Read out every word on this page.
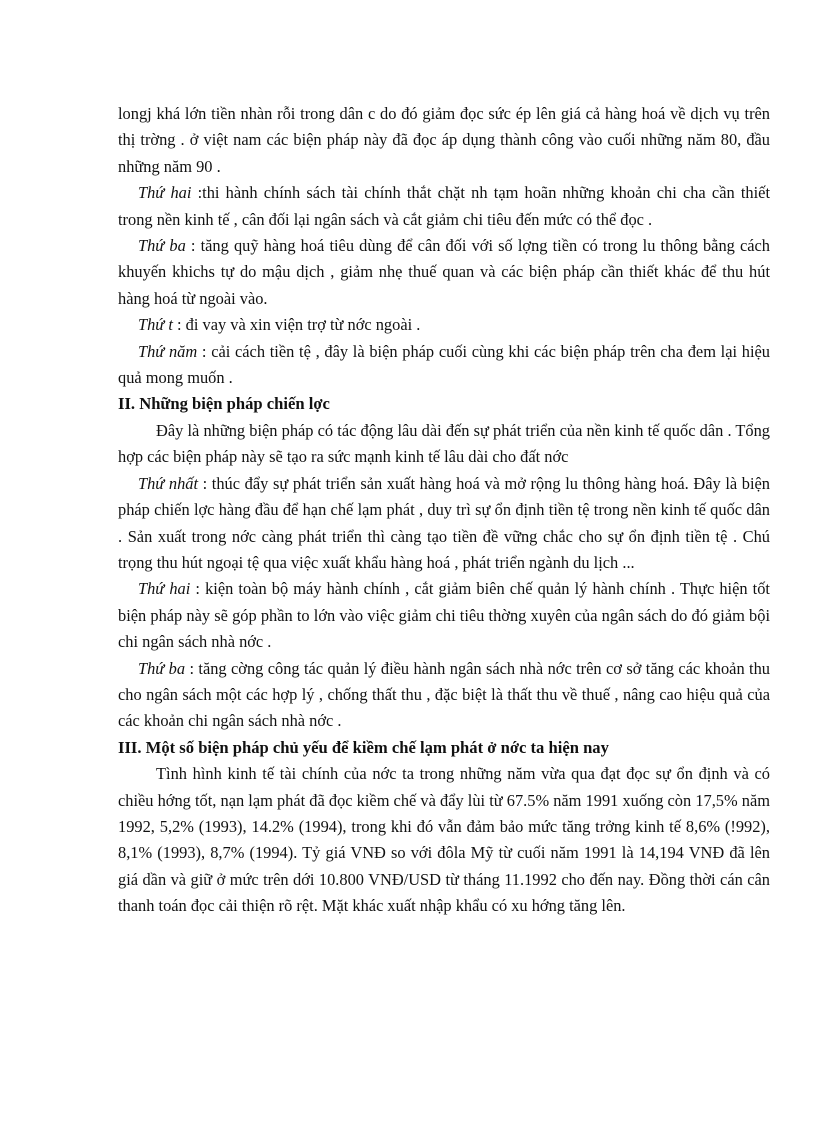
longj khá lớn tiền nhàn rỗi trong dân c do đó giảm đọc sức ép lên giá cả hàng hoá về dịch vụ trên thị trờng . ở việt nam các biện pháp này đã đọc áp dụng thành công vào cuối những năm 80, đầu những năm 90 .

Thứ hai :thi hành chính sách tài chính thắt chặt nh tạm hoãn những khoản chi cha cần thiết trong nền kinh tế , cân đối lại ngân sách và cắt giảm chi tiêu đến mức có thể đọc .

Thứ ba : tăng quỹ hàng hoá tiêu dùng để cân đối với số lợng tiền có trong lu thông bằng cách khuyến khichs tự do mậu dịch , giảm nhẹ thuế quan và các biện pháp cần thiết khác để thu hút hàng hoá từ ngoài vào.

Thứ t : đi vay và xin viện trợ từ nớc ngoài .

Thứ năm : cải cách tiền tệ , đây là biện pháp cuối cùng khi các biện pháp trên cha đem lại hiệu quả mong muốn .

II. Những biện pháp chiến lợc

Đây là những biện pháp có tác động lâu dài đến sự phát triển của nền kinh tế quốc dân . Tổng hợp các biện pháp này sẽ tạo ra sức mạnh kinh tế lâu dài cho đất nớc

Thứ nhất : thúc đẩy sự phát triển sản xuất hàng hoá và mở rộng lu thông hàng hoá. Đây là biện pháp chiến lợc hàng đầu để hạn chế lạm phát , duy trì sự ổn định tiền tệ trong nền kinh tế quốc dân . Sản xuất trong nớc càng phát triển thì càng tạo tiền đề vững chắc cho sự ổn định tiền tệ . Chú trọng thu hút ngoại tệ qua việc xuất khẩu hàng hoá , phát triển ngành du lịch ...

Thứ hai : kiện toàn bộ máy hành chính , cắt giảm biên chế quản lý hành chính . Thực hiện tốt biện pháp này sẽ góp phần to lớn vào việc giảm chi tiêu thờng xuyên của ngân sách do đó giảm bội chi ngân sách nhà nớc .

Thứ ba : tăng cờng công tác quản lý điều hành ngân sách nhà nớc trên cơ sở tăng các khoản thu cho ngân sách một các hợp lý , chống thất thu , đặc biệt là thất thu về thuế , nâng cao hiệu quả của các khoản chi ngân sách nhà nớc .

III. Một số biện pháp chủ yếu để kiềm chế lạm phát ở nớc ta hiện nay

Tình hình kinh tế tài chính của nớc ta trong những năm vừa qua đạt đọc sự ổn định và có chiều hớng tốt, nạn lạm phát đã đọc kiềm chế và đẩy lùi từ 67.5% năm 1991 xuống còn 17,5% năm 1992, 5,2% (1993), 14.2% (1994), trong khi đó vẫn đảm bảo mức tăng trởng kinh tế 8,6% (!992), 8,1% (1993), 8,7% (1994). Tỷ giá VNĐ so với đôla Mỹ từ cuối năm 1991 là 14,194 VNĐ đã lên giá dần và giữ ở mức trên dới 10.800 VNĐ/USD từ tháng 11.1992 cho đến nay. Đồng thời cán cân thanh toán đọc cải thiện rõ rệt. Mặt khác xuất nhập khẩu có xu hớng tăng lên.
